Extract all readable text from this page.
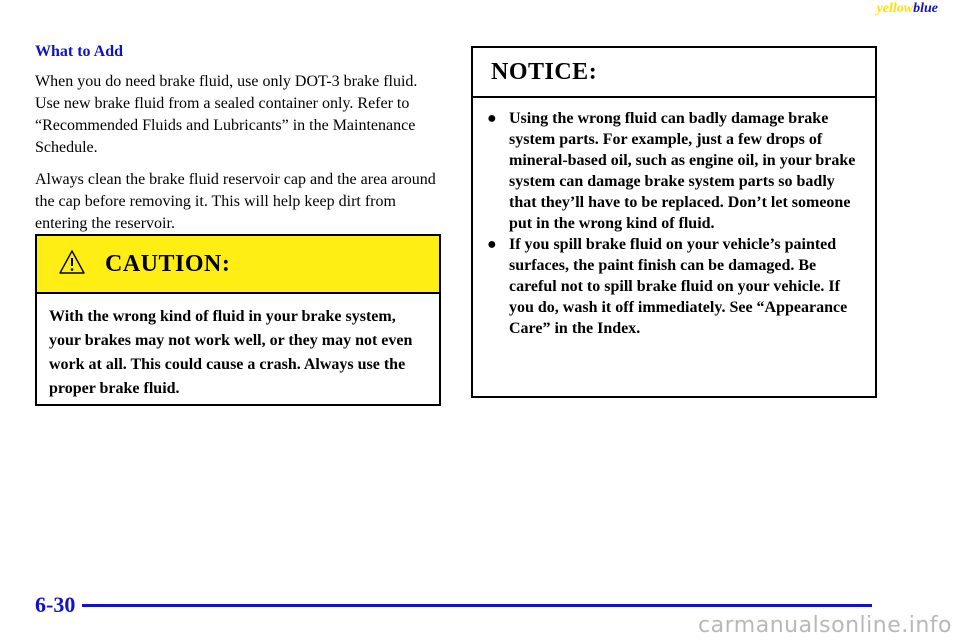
yellowblue
What to Add

When you do need brake fluid, use only DOT-3 brake fluid. Use new brake fluid from a sealed container only. Refer to “Recommended Fluids and Lubricants” in the Maintenance Schedule.

Always clean the brake fluid reservoir cap and the area around the cap before removing it. This will help keep dirt from entering the reservoir.

CAUTION:
With the wrong kind of fluid in your brake system, your brakes may not work well, or they may not even work at all. This could cause a crash. Always use the proper brake fluid.
NOTICE:
● Using the wrong fluid can badly damage brake system parts. For example, just a few drops of mineral-based oil, such as engine oil, in your brake system can damage brake system parts so badly that they’ll have to be replaced. Don’t let someone put in the wrong kind of fluid.
● If you spill brake fluid on your vehicle’s painted surfaces, the paint finish can be damaged. Be careful not to spill brake fluid on your vehicle. If you do, wash it off immediately. See “Appearance Care” in the Index.
6-30
carmanualsonline.info
